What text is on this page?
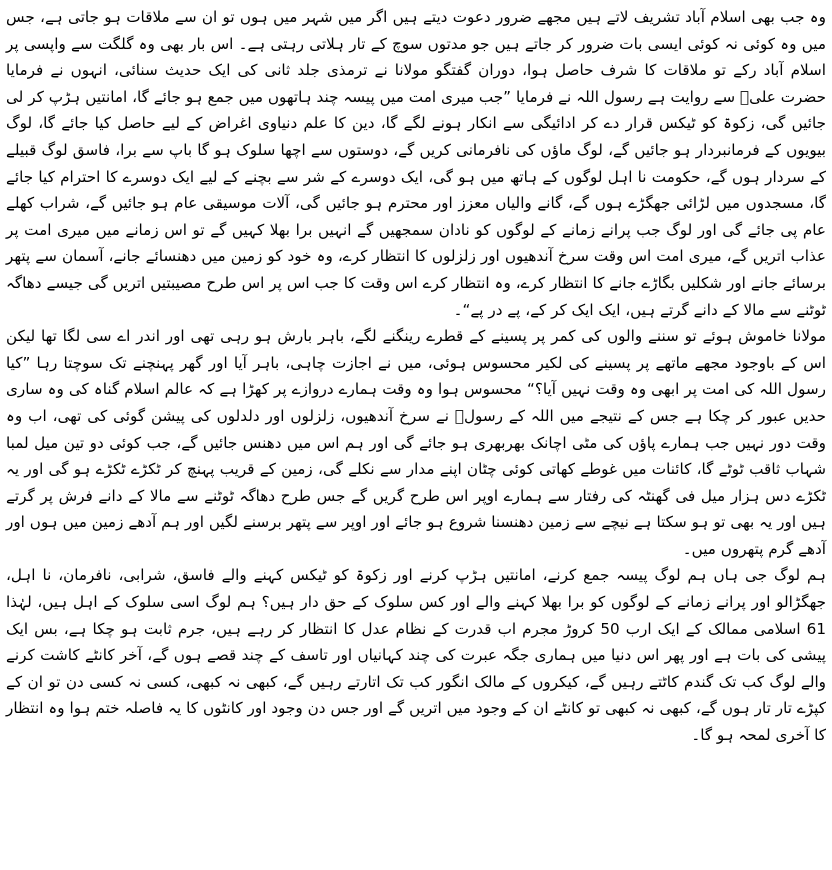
وہ جب بھی اسلام آباد تشریف لاتے ہیں مجھے ضرور دعوت دیتے ہیں اگر میں شہر میں ہوں تو ان سے ملاقات ہو جاتی ہے، جس میں وہ کوئی نہ کوئی ایسی بات ضرور کر جاتے ہیں جو مدتوں سوچ کے تار ہلاتی رہتی ہے۔ اس بار بھی وہ گلگت سے واپسی پر اسلام آباد رکے تو ملاقات کا شرف حاصل ہوا، دوران گفتگو مولانا نے ترمذی جلد ثانی کی ایک حدیث سنائی، انہوں نے فرمایا حضرت علیؓ سے روایت ہے رسول اللہ نے فرمایا ”جب میری امت میں پیسہ چند ہاتھوں میں جمع ہو جائے گا، امانتیں ہڑپ کر لی جائیں گی، زکوۃ کو ٹیکس قرار دے کر ادائیگی سے انکار ہونے لگے گا، دین کا علم دنیاوی اغراض کے لیے حاصل کیا جائے گا، لوگ بیویوں کے فرمانبردار ہو جائیں گے، لوگ ماؤں کی نافرمانی کریں گے، دوستوں سے اچھا سلوک ہو گا باپ سے برا، فاسق لوگ قبیلے کے سردار ہوں گے، حکومت نا اہل لوگوں کے ہاتھ میں ہو گی، ایک دوسرے کے شر سے بچنے کے لیے ایک دوسرے کا احترام کیا جائے گا، مسجدوں میں لڑائی جھگڑے ہوں گے، گانے والیاں معزز اور محترم ہو جائیں گی، آلات موسیقی عام ہو جائیں گے، شراب کھلے عام پی جائے گی اور لوگ جب پرانے زمانے کے لوگوں کو نادان سمجھیں گے انہیں برا بھلا کہیں گے تو اس زمانے میں میری امت پر عذاب اتریں گے، میری امت اس وقت سرخ آندھیوں اور زلزلوں کا انتظار کرے، وہ خود کو زمین میں دھنسائے جانے، آسمان سے پتھر برسائے جانے اور شکلیں بگاڑے جانے کا انتظار کرے، وہ انتظار کرے اس وقت کا جب اس پر اس طرح مصیبتیں اتریں گی جیسے دھاگہ ٹوٹنے سے مالا کے دانے گرتے ہیں، ایک ایک کر کے، پے در پے“۔

مولانا خاموش ہوئے تو سننے والوں کی کمر پر پسینے کے قطرے رینگنے لگے، باہر بارش ہو رہی تھی اور اندر اے سی لگا تھا لیکن اس کے باوجود مجھے ماتھے پر پسینے کی لکیر محسوس ہوئی، میں نے اجازت چاہی، باہر آیا اور گھر پہنچنے تک سوچتا رہا ”کیا رسول اللہ کی امت پر ابھی وہ وقت نہیں آیا؟“ محسوس ہوا وہ وقت ہمارے دروازے پر کھڑا ہے کہ عالم اسلام گناہ کی وہ ساری حدیں عبور کر چکا ہے جس کے نتیجے میں اللہ کے رسولؐ نے سرخ آندھیوں، زلزلوں اور دلدلوں کی پیشن گوئی کی تھی، اب وہ وقت دور نہیں جب ہمارے پاؤں کی مٹی اچانک بھربھری ہو جائے گی اور ہم اس میں دھنس جائیں گے، جب کوئی دو تین میل لمبا شہاب ثاقب ٹوٹے گا، کائنات میں غوطے کھاتی کوئی چٹان اپنے مدار سے نکلے گی، زمین کے قریب پہنچ کر ٹکڑے ٹکڑے ہو گی اور یہ ٹکڑے دس ہزار میل فی گھنٹہ کی رفتار سے ہمارے اوپر اس طرح گریں گے جس طرح دھاگہ ٹوٹنے سے مالا کے دانے فرش پر گرتے ہیں اور یہ بھی تو ہو سکتا ہے نیچے سے زمین دھنسنا شروع ہو جائے اور اوپر سے پتھر برسنے لگیں اور ہم آدھے زمین میں ہوں اور آدھے گرم پتھروں میں۔

ہم لوگ جی ہاں ہم لوگ پیسہ جمع کرنے، امانتیں ہڑپ کرنے اور زکوۃ کو ٹیکس کہنے والے فاسق، شرابی، نافرمان، نا اہل، جھگڑالو اور پرانے زمانے کے لوگوں کو برا بھلا کہنے والے اور کس سلوک کے حق دار ہیں؟ ہم لوگ اسی سلوک کے اہل ہیں، لہٰذا 61 اسلامی ممالک کے ایک ارب 50 کروڑ مجرم اب قدرت کے نظام عدل کا انتظار کر رہے ہیں، جرم ثابت ہو چکا ہے، بس ایک پیشی کی بات ہے اور پھر اس دنیا میں ہماری جگہ عبرت کی چند کہانیاں اور تاسف کے چند قصے ہوں گے، آخر کانٹے کاشت کرنے والے لوگ کب تک گندم کاٹتے رہیں گے، کیکروں کے مالک انگور کب تک اتارتے رہیں گے، کبھی نہ کبھی، کسی نہ کسی دن تو ان کے کپڑے تار تار ہوں گے، کبھی نہ کبھی تو کانٹے ان کے وجود میں اتریں گے اور جس دن وجود اور کانٹوں کا یہ فاصلہ ختم ہوا وہ انتظار کا آخری لمحہ ہو گا۔
